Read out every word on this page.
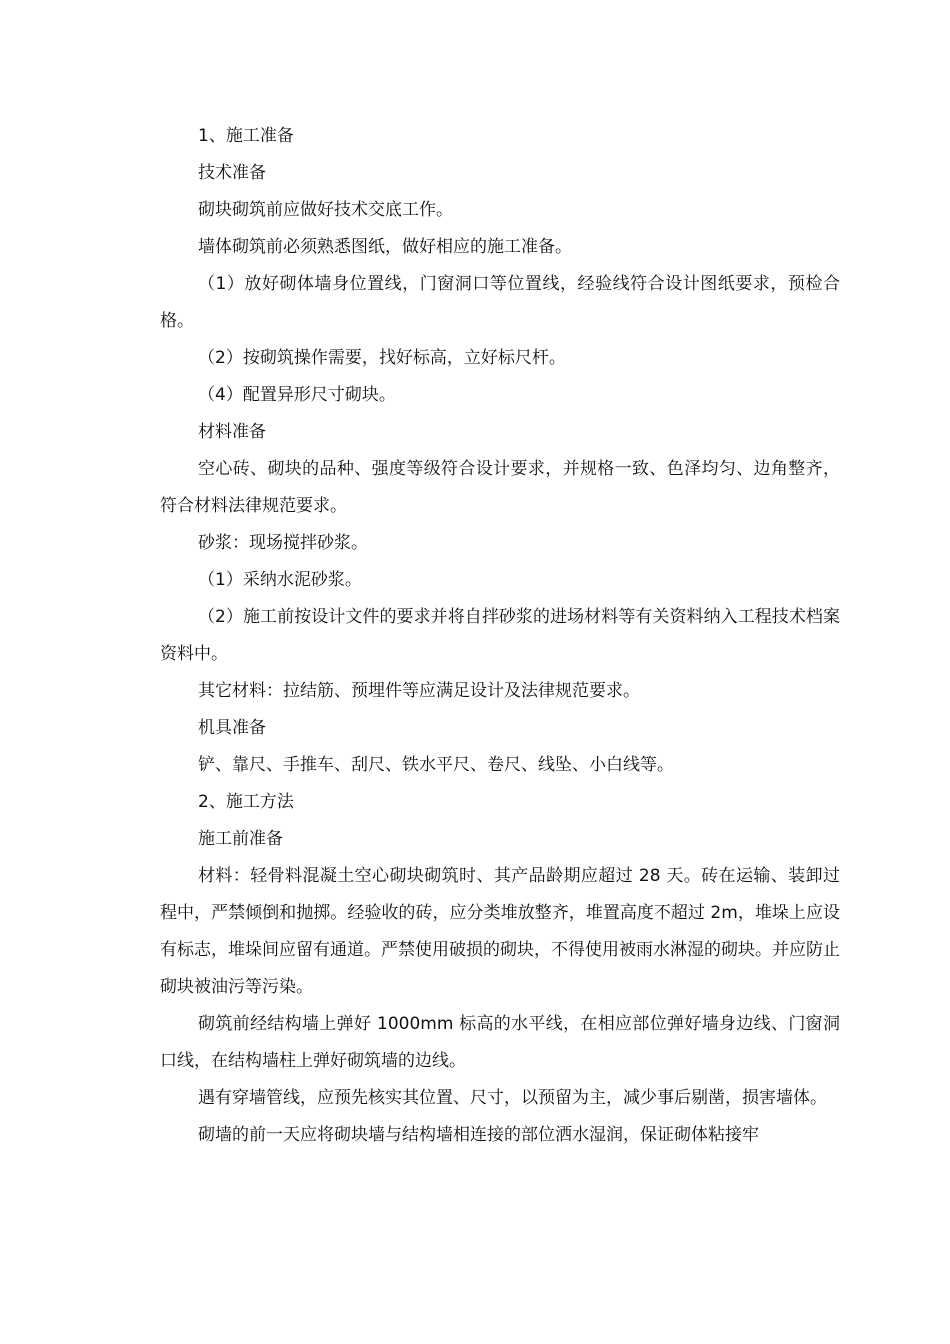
1、施工准备

技术准备

砌块砌筑前应做好技术交底工作。

墙体砌筑前必须熟悉图纸，做好相应的施工准备。

（1）放好砌体墙身位置线，门窗洞口等位置线，经验线符合设计图纸要求，预检合格。

（2）按砌筑操作需要，找好标高，立好标尺杆。

（4）配置异形尺寸砌块。

材料准备

空心砖、砌块的品种、强度等级符合设计要求，并规格一致、色泽均匀、边角整齐，符合材料法律规范要求。

砂浆：现场搅拌砂浆。

（1）采纳水泥砂浆。

（2）施工前按设计文件的要求并将自拌砂浆的进场材料等有关资料纳入工程技术档案资料中。

其它材料：拉结筋、预埋件等应满足设计及法律规范要求。

机具准备

铲、靠尺、手推车、刮尺、铁水平尺、卷尺、线坠、小白线等。

2、施工方法

施工前准备

材料：轻骨料混凝土空心砌块砌筑时、其产品龄期应超过 28 天。砖在运输、装卸过程中，严禁倾倒和抛掷。经验收的砖，应分类堆放整齐，堆置高度不超过 2m，堆垛上应设有标志，堆垛间应留有通道。严禁使用破损的砌块，不得使用被雨水淋湿的砌块。并应防止砌块被油污等污染。

砌筑前经结构墙上弹好 1000mm 标高的水平线，在相应部位弹好墙身边线、门窗洞口线，在结构墙柱上弹好砌筑墙的边线。

遇有穿墙管线，应预先核实其位置、尺寸，以预留为主，减少事后剔凿，损害墙体。

砌墙的前一天应将砌块墙与结构墙相连接的部位洒水湿润，保证砌体粘接牢
